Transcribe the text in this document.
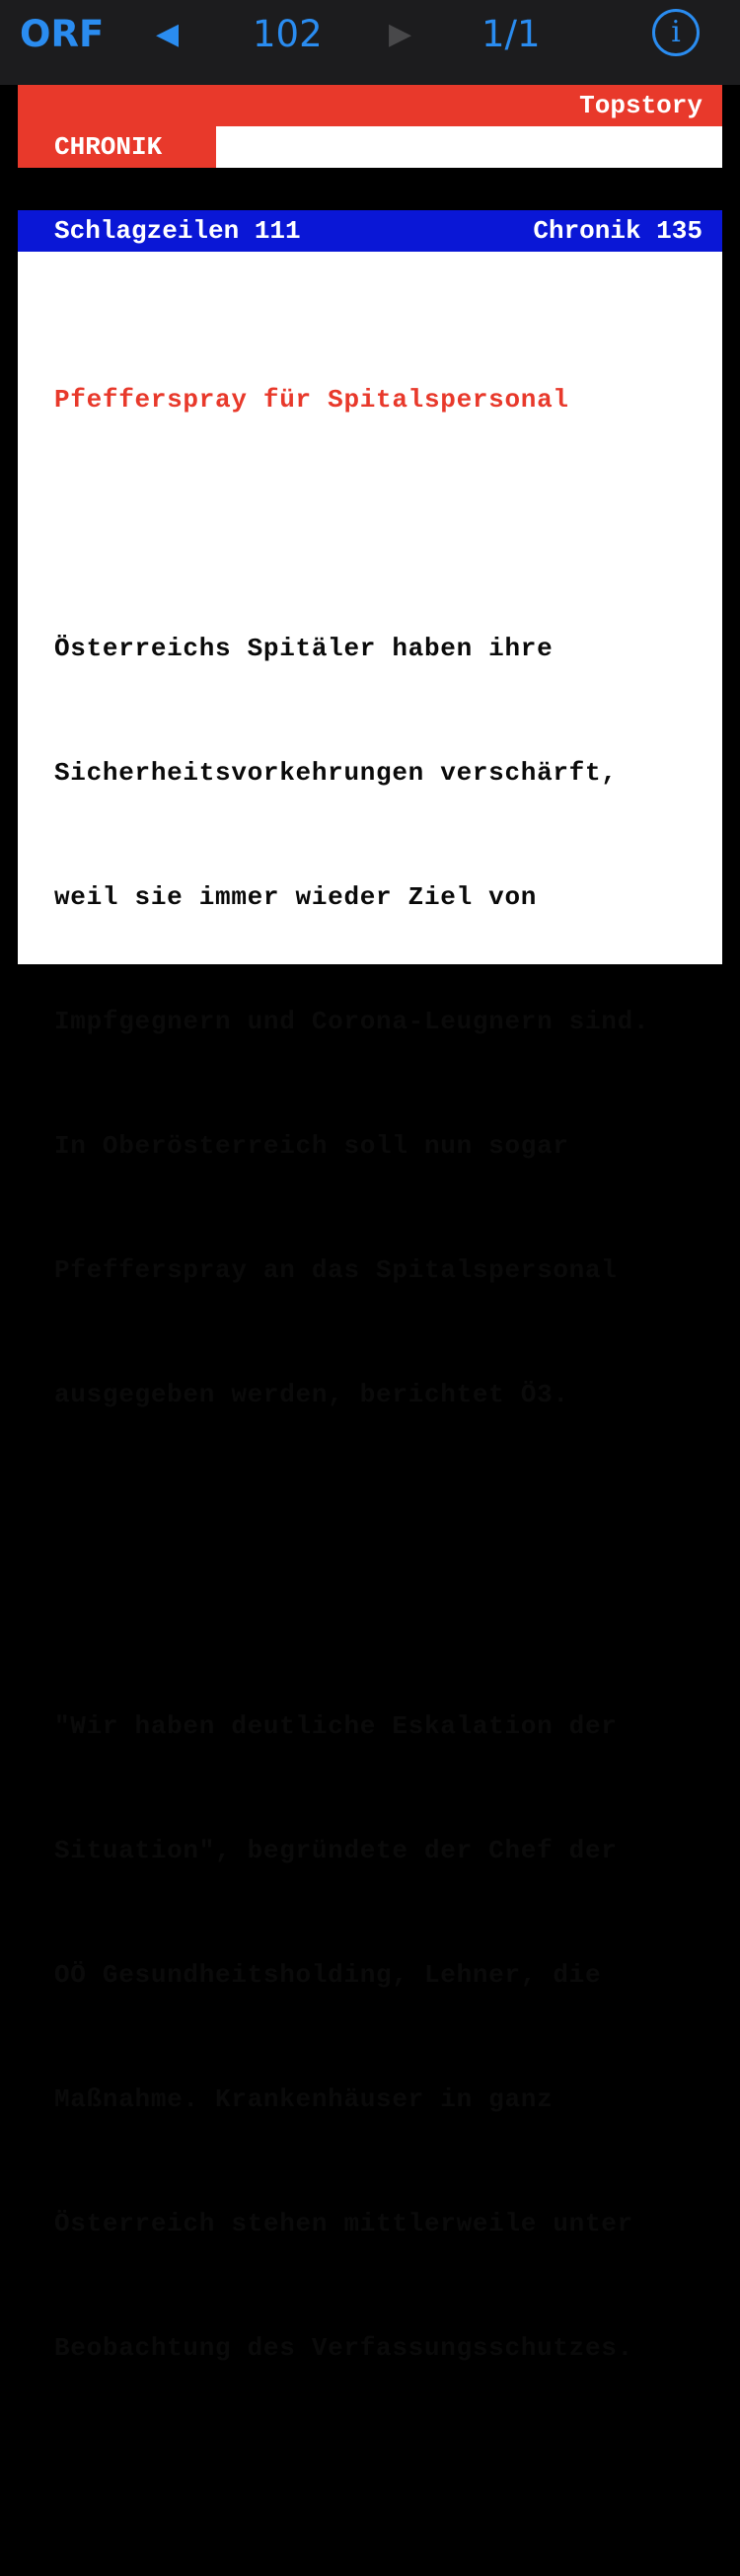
ORF ◀ 102 ▶ 1/1	i
Topstory
CHRONIK
Schlagzeilen 111	Chronik 135

Pfefferspray für Spitalspersonal

Österreichs Spitäler haben ihre

Sicherheitsvorkehrungen verschärft,

weil sie immer wieder Ziel von

Impfgegnern und Corona-Leugnern sind.

In Oberösterreich soll nun sogar

Pfefferspray an das Spitalspersonal

ausgegeben werden, berichtet Ö3.

"Wir haben deutliche Eskalation der

Situation", begründete der Chef der

OÖ Gesundheitsholding, Lehner, die

Maßnahme. Krankenhäuser in ganz

Österreich stehen mittlerweile unter

Beobachtung des Verfassungsschutzes.
